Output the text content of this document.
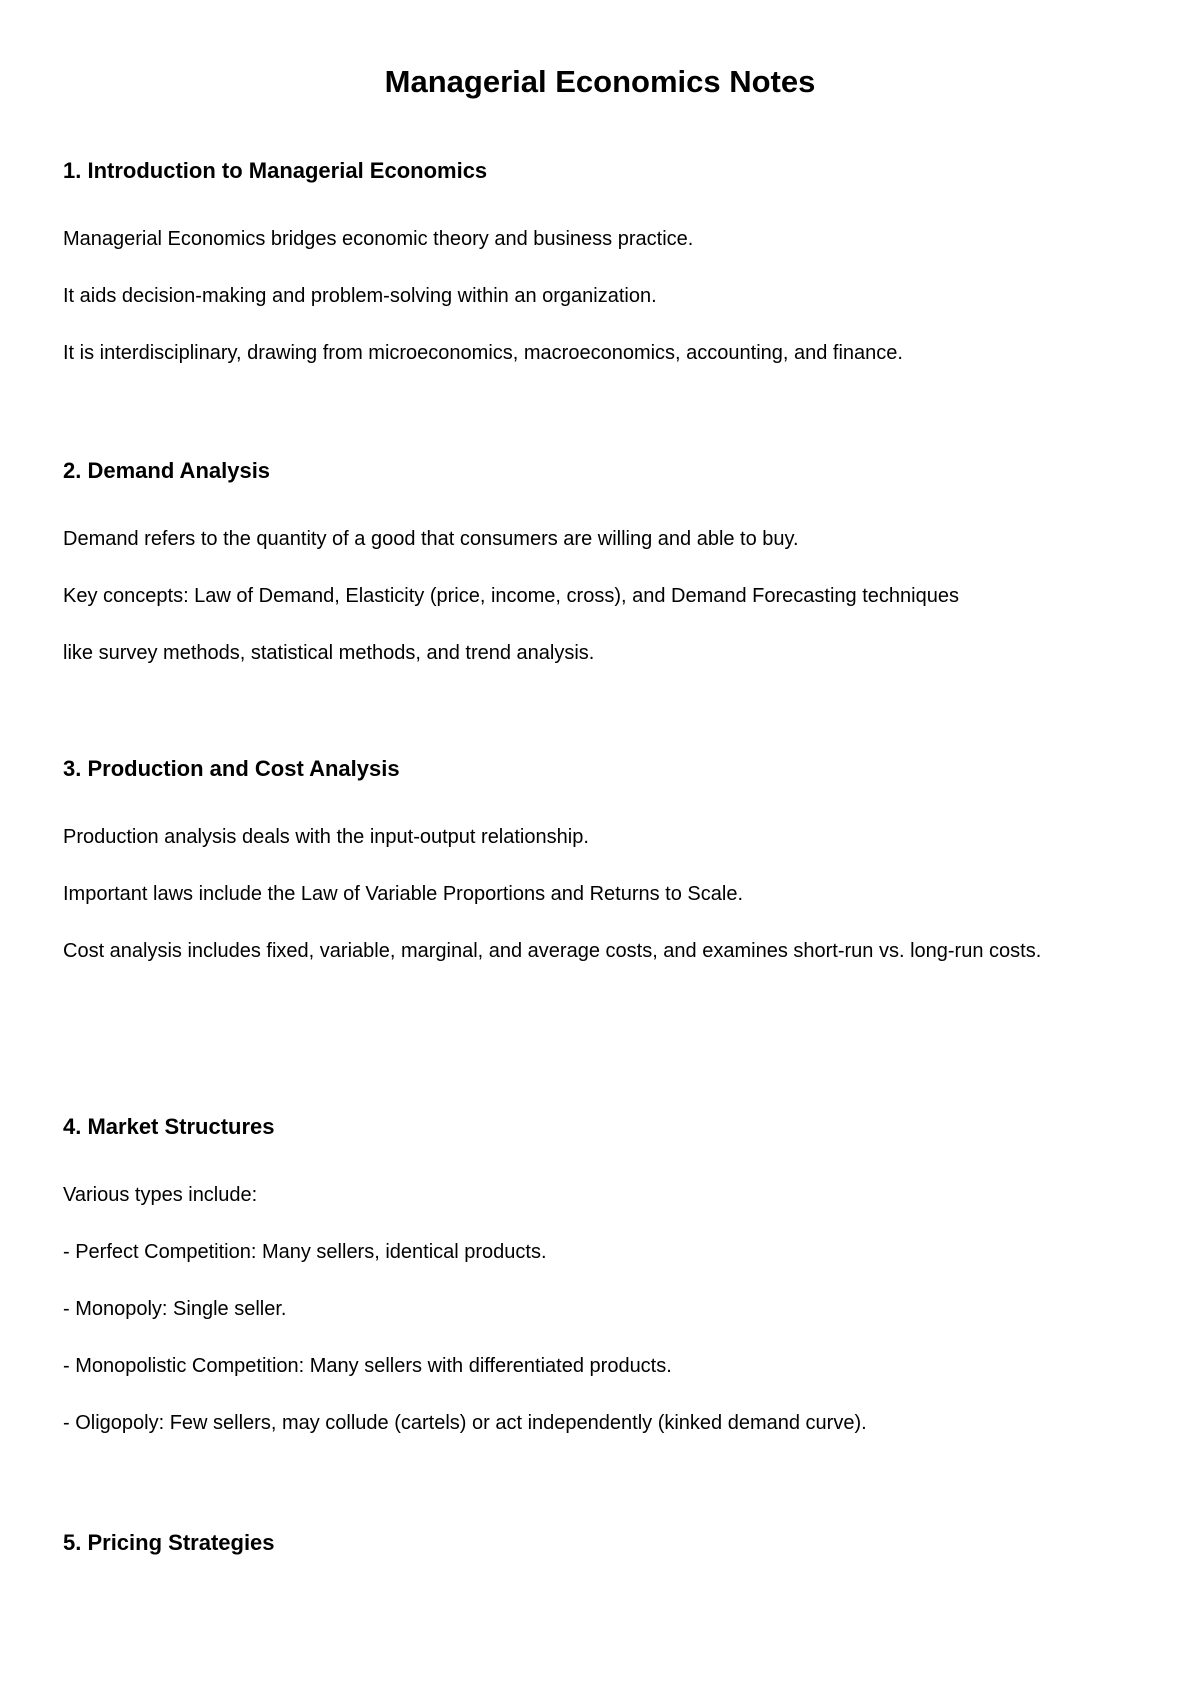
Managerial Economics Notes
1. Introduction to Managerial Economics
Managerial Economics bridges economic theory and business practice.
It aids decision-making and problem-solving within an organization.
It is interdisciplinary, drawing from microeconomics, macroeconomics, accounting, and finance.
2. Demand Analysis
Demand refers to the quantity of a good that consumers are willing and able to buy.
Key concepts: Law of Demand, Elasticity (price, income, cross), and Demand Forecasting techniques
like survey methods, statistical methods, and trend analysis.
3. Production and Cost Analysis
Production analysis deals with the input-output relationship.
Important laws include the Law of Variable Proportions and Returns to Scale.
Cost analysis includes fixed, variable, marginal, and average costs, and examines short-run vs. long-run costs.
4. Market Structures
Various types include:
- Perfect Competition: Many sellers, identical products.
- Monopoly: Single seller.
- Monopolistic Competition: Many sellers with differentiated products.
- Oligopoly: Few sellers, may collude (cartels) or act independently (kinked demand curve).
5. Pricing Strategies
